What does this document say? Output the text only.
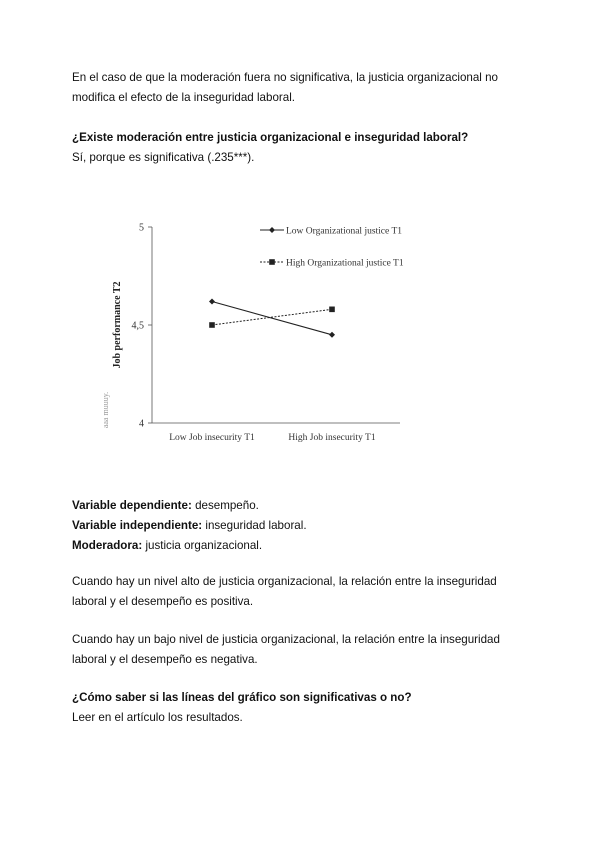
En el caso de que la moderación fuera no significativa, la justicia organizacional no modifica el efecto de la inseguridad laboral.

¿Existe moderación entre justicia organizacional e inseguridad laboral?

Sí, porque es significativa (.235***).

5
4,5
4
Low Job insecurity T1	High Job insecurity T1
Job performance T2
aaa muuuy.
Low Organizational justice T1
High Organizational justice T1
Variable dependiente: desempeño.
Variable independiente: inseguridad laboral.
Moderadora: justicia organizacional.

Cuando hay un nivel alto de justicia organizacional, la relación entre la inseguridad laboral y el desempeño es positiva.

Cuando hay un bajo nivel de justicia organizacional, la relación entre la inseguridad laboral y el desempeño es negativa.

¿Cómo saber si las líneas del gráfico son significativas o no?

Leer en el artículo los resultados.
